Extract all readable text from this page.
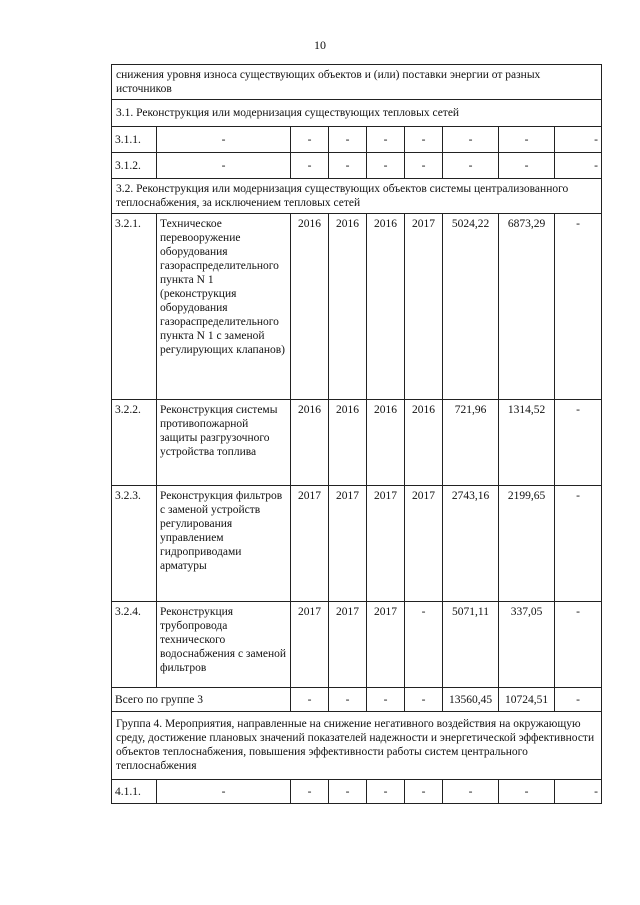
10
снижения уровня износа существующих объектов и (или) поставки энергии от разных источников								
3.1. Реконструкция или модернизация существующих тепловых сетей								
3.1.1.	-	-	-	-	-	-	-	-
3.1.2.	-	-	-	-	-	-	-	-
3.2. Реконструкция или модернизация существующих объектов системы централизованного теплоснабжения, за исключением тепловых сетей								
3.2.1.	Техническое перевооружение оборудования газораспределительного пункта N 1 (реконструкция оборудования газораспределительного пункта N 1 с заменой регулирующих клапанов)	2016	2016	2016	2017	5024,22	6873,29	-
3.2.2.	Реконструкция системы противопожарной защиты разгрузочного устройства топлива	2016	2016	2016	2016	721,96	1314,52	-
3.2.3.	Реконструкция фильтров с заменой устройств регулирования управлением гидроприводами арматуры	2017	2017	2017	2017	2743,16	2199,65	-
3.2.4.	Реконструкция трубопровода технического водоснабжения с заменой фильтров	2017	2017	2017	-	5071,11	337,05	-
Всего по группе 3		-	-	-	-	13560,45	10724,51	-
Группа 4. Мероприятия, направленные на снижение негативного воздействия на окружающую среду, достижение плановых значений показателей надежности и энергетической эффективности объектов теплоснабжения, повышения эффективности работы систем центрального теплоснабжения								
4.1.1.	-	-	-	-	-	-	-	-
